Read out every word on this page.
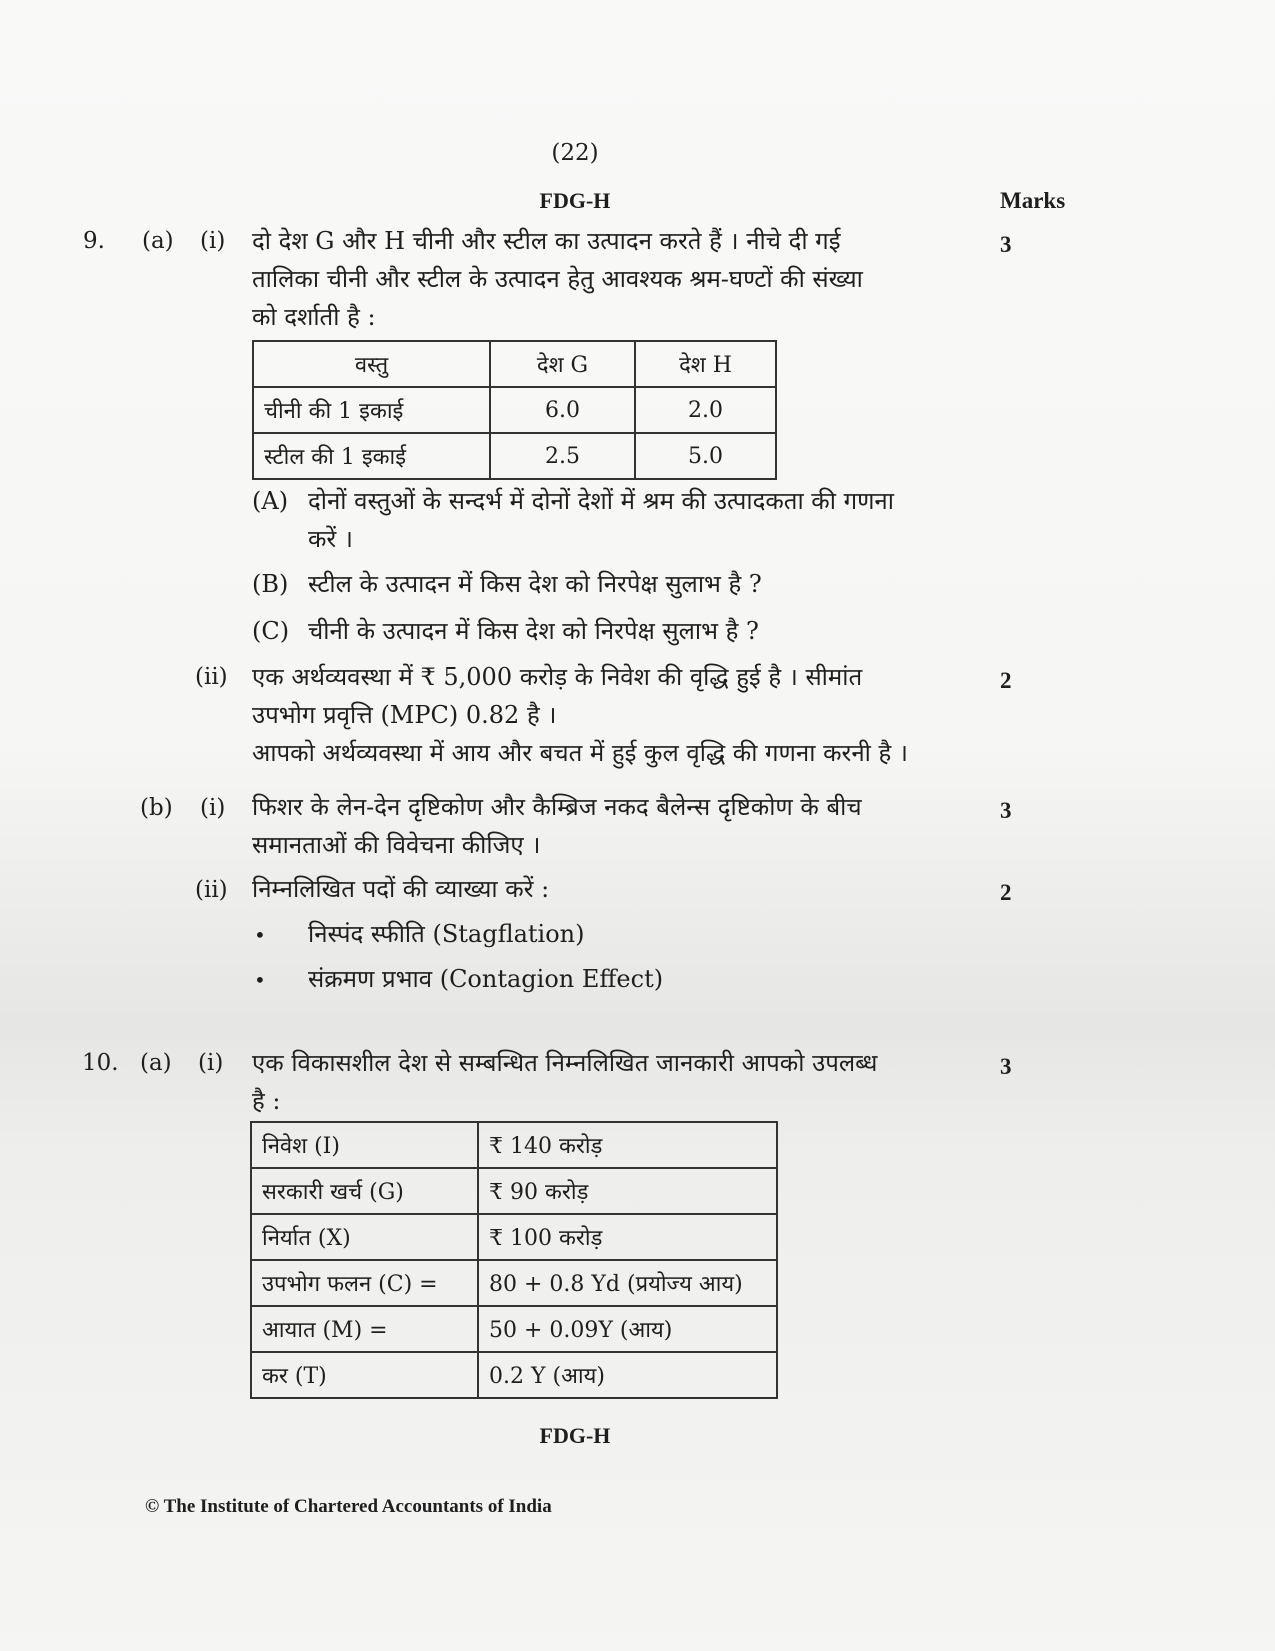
(22)
FDG-H	Marks
9. (a) (i) दो देश G और H चीनी और स्टील का उत्पादन करते हैं । नीचे दी गई
तालिका चीनी और स्टील के उत्पादन हेतु आवश्यक श्रम-घण्टों की संख्या
को दर्शाती है :
3
वस्तु	देश G	देश H
चीनी की 1 इकाई	6.0	2.0
स्टील की 1 इकाई	2.5	5.0
(A) दोनों वस्तुओं के सन्दर्भ में दोनों देशों में श्रम की उत्पादकता की गणना
करें ।
(B) स्टील के उत्पादन में किस देश को निरपेक्ष सुलाभ है ?
(C) चीनी के उत्पादन में किस देश को निरपेक्ष सुलाभ है ?
(ii) एक अर्थव्यवस्था में ₹ 5,000 करोड़ के निवेश की वृद्धि हुई है । सीमांत
उपभोग प्रवृत्ति (MPC) 0.82 है ।
आपको अर्थव्यवस्था में आय और बचत में हुई कुल वृद्धि की गणना करनी है ।
2
(b) (i) फिशर के लेन-देन दृष्टिकोण और कैम्ब्रिज नकद बैलेन्स दृष्टिकोण के बीच
समानताओं की विवेचना कीजिए ।
3
(ii) निम्नलिखित पदों की व्याख्या करें :	2
• निस्पंद स्फीति (Stagflation)
• संक्रमण प्रभाव (Contagion Effect)
10. (a) (i) एक विकासशील देश से सम्बन्धित निम्नलिखित जानकारी आपको उपलब्ध
है :
3
निवेश (I)	₹ 140 करोड़
सरकारी खर्च (G)	₹ 90 करोड़
निर्यात (X)	₹ 100 करोड़
उपभोग फलन (C) =	80 + 0.8 Yd (प्रयोज्य आय)
आयात (M) =	50 + 0.09Y (आय)
कर (T)	0.2 Y (आय)
FDG-H
© The Institute of Chartered Accountants of India
